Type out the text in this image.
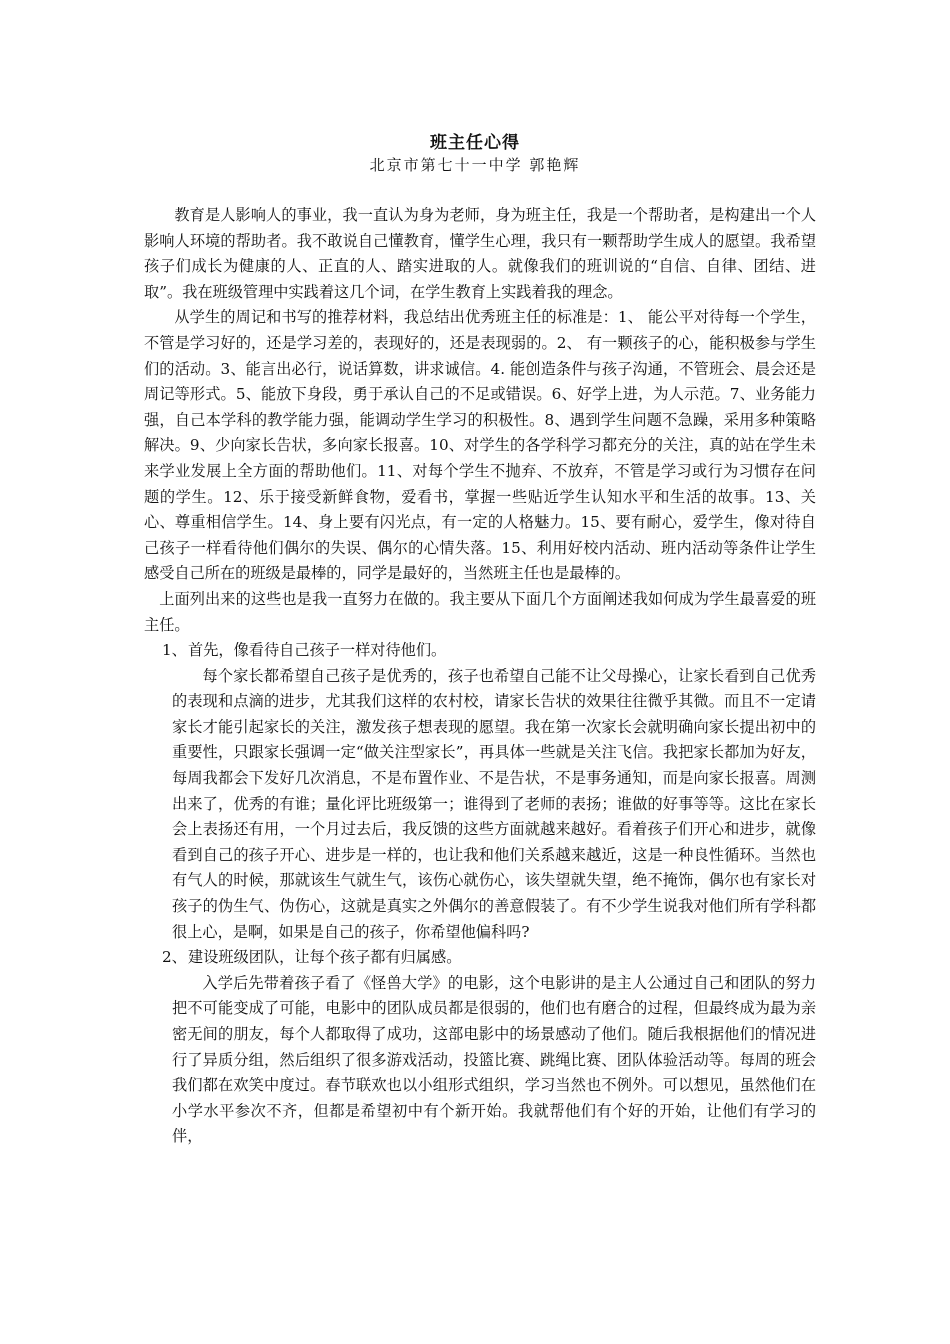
班主任心得
北京市第七十一中学 郭艳辉

教育是人影响人的事业，我一直认为身为老师，身为班主任，我是一个帮助者，是构建出一个人影响人环境的帮助者。我不敢说自己懂教育，懂学生心理，我只有一颗帮助学生成人的愿望。我希望孩子们成长为健康的人、正直的人、踏实进取的人。就像我们的班训说的“自信、自律、团结、进取”。我在班级管理中实践着这几个词，在学生教育上实践着我的理念。

从学生的周记和书写的推荐材料，我总结出优秀班主任的标准是：1、 能公平对待每一个学生，不管是学习好的，还是学习差的，表现好的，还是表现弱的。2、 有一颗孩子的心，能积极参与学生们的活动。3、能言出必行，说话算数，讲求诚信。4. 能创造条件与孩子沟通，不管班会、晨会还是周记等形式。5、能放下身段，勇于承认自己的不足或错误。6、好学上进，为人示范。7、业务能力强，自己本学科的教学能力强，能调动学生学习的积极性。8、遇到学生问题不急躁，采用多种策略解决。9、少向家长告状，多向家长报喜。10、对学生的各学科学习都充分的关注，真的站在学生未来学业发展上全方面的帮助他们。11、对每个学生不抛弃、不放弃，不管是学习或行为习惯存在问题的学生。12、乐于接受新鲜食物，爱看书，掌握一些贴近学生认知水平和生活的故事。13、关心、尊重相信学生。14、身上要有闪光点，有一定的人格魅力。15、要有耐心，爱学生，像对待自己孩子一样看待他们偶尔的失误、偶尔的心情失落。15、利用好校内活动、班内活动等条件让学生感受自己所在的班级是最棒的，同学是最好的，当然班主任也是最棒的。

上面列出来的这些也是我一直努力在做的。我主要从下面几个方面阐述我如何成为学生最喜爱的班主任。

1、首先，像看待自己孩子一样对待他们。

每个家长都希望自己孩子是优秀的，孩子也希望自己能不让父母操心，让家长看到自己优秀的表现和点滴的进步，尤其我们这样的农村校，请家长告状的效果往往微乎其微。而且不一定请家长才能引起家长的关注，激发孩子想表现的愿望。我在第一次家长会就明确向家长提出初中的重要性，只跟家长强调一定“做关注型家长”，再具体一些就是关注飞信。我把家长都加为好友，每周我都会下发好几次消息，不是布置作业、不是告状，不是事务通知，而是向家长报喜。周测出来了，优秀的有谁；量化评比班级第一；谁得到了老师的表扬；谁做的好事等等。这比在家长会上表扬还有用，一个月过去后，我反馈的这些方面就越来越好。看着孩子们开心和进步，就像看到自己的孩子开心、进步是一样的，也让我和他们关系越来越近，这是一种良性循环。当然也有气人的时候，那就该生气就生气，该伤心就伤心，该失望就失望，绝不掩饰，偶尔也有家长对孩子的伪生气、伪伤心，这就是真实之外偶尔的善意假装了。有不少学生说我对他们所有学科都很上心，是啊，如果是自己的孩子，你希望他偏科吗?

2、建设班级团队，让每个孩子都有归属感。

入学后先带着孩子看了《怪兽大学》的电影，这个电影讲的是主人公通过自己和团队的努力把不可能变成了可能，电影中的团队成员都是很弱的，他们也有磨合的过程，但最终成为最为亲密无间的朋友，每个人都取得了成功，这部电影中的场景感动了他们。随后我根据他们的情况进行了异质分组，然后组织了很多游戏活动，投篮比赛、跳绳比赛、团队体验活动等。每周的班会我们都在欢笑中度过。春节联欢也以小组形式组织，学习当然也不例外。可以想见，虽然他们在小学水平参次不齐，但都是希望初中有个新开始。我就帮他们有个好的开始，让他们有学习的伴，
